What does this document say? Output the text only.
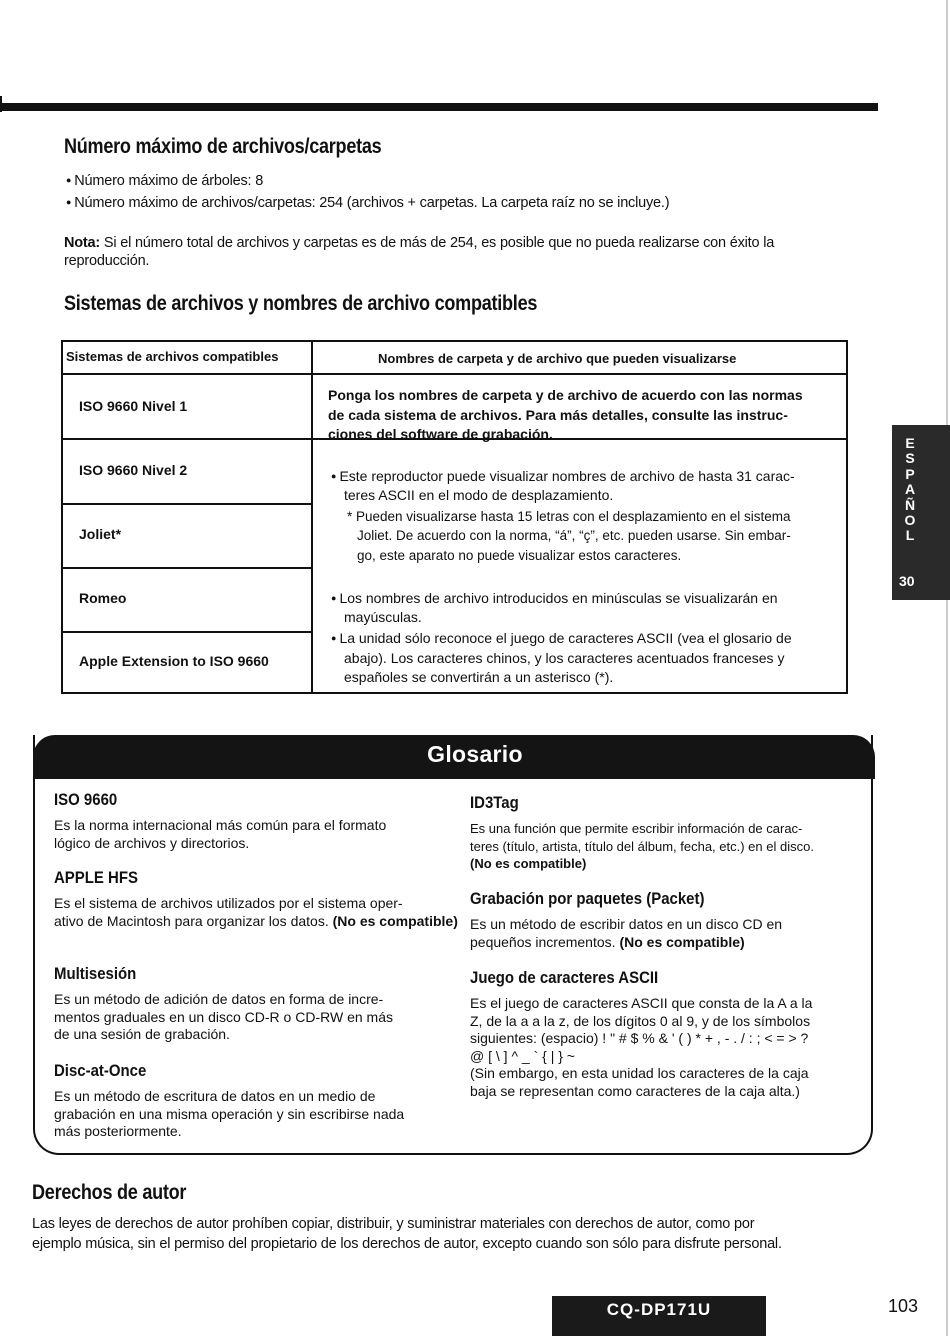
Número máximo de archivos/carpetas
● Número máximo de árboles: 8
● Número máximo de archivos/carpetas: 254 (archivos + carpetas. La carpeta raíz no se incluye.)
Nota: Si el número total de archivos y carpetas es de más de 254, es posible que no pueda realizarse con éxito la
reproducción.
Sistemas de archivos y nombres de archivo compatibles
Sistemas de archivos compatibles	Nombres de carpeta y de archivo que pueden visualizarse
ISO 9660 Nivel 1
ISO 9660 Nivel 2
Joliet*
Romeo
Apple Extension to ISO 9660
Ponga los nombres de carpeta y de archivo de acuerdo con las normas
de cada sistema de archivos. Para más detalles, consulte las instruc-
ciones del software de grabación.
● Este reproductor puede visualizar nombres de archivo de hasta 31 carac-
teres ASCII en el modo de desplazamiento.
* Pueden visualizarse hasta 15 letras con el desplazamiento en el sistema
Joliet. De acuerdo con la norma, “á”, “ç”, etc. pueden usarse. Sin embar-
go, este aparato no puede visualizar estos caracteres.
● Los nombres de archivo introducidos en minúsculas se visualizarán en
mayúsculas.
● La unidad sólo reconoce el juego de caracteres ASCII (vea el glosario de
abajo). Los caracteres chinos, y los caracteres acentuados franceses y
españoles se convertirán a un asterisco (*).
E
S
P
A
Ñ
O
L
30
Glosario
ISO 9660
Es la norma internacional más común para el formato
lógico de archivos y directorios.
APPLE HFS
Es el sistema de archivos utilizados por el sistema oper-
ativo de Macintosh para organizar los datos. (No es compatible)
Multisesión
Es un método de adición de datos en forma de incre-
mentos graduales en un disco CD-R o CD-RW en más
de una sesión de grabación.
Disc-at-Once
Es un método de escritura de datos en un medio de
grabación en una misma operación y sin escribirse nada
más posteriormente.
ID3Tag
Es una función que permite escribir información de carac-
teres (título, artista, título del álbum, fecha, etc.) en el disco.
(No es compatible)
Grabación por paquetes (Packet)
Es un método de escribir datos en un disco CD en
pequeños incrementos. (No es compatible)
Juego de caracteres ASCII
Es el juego de caracteres ASCII que consta de la A a la
Z, de la a a la z, de los dígitos 0 al 9, y de los símbolos
siguientes: (espacio) ! " # $ % & ' ( ) * + , - . / : ; < = > ?
@ [ \ ] ^ _ ` { | } ~
(Sin embargo, en esta unidad los caracteres de la caja
baja se representan como caracteres de la caja alta.)
Derechos de autor
Las leyes de derechos de autor prohíben copiar, distribuir, y suministrar materiales con derechos de autor, como por
ejemplo música, sin el permiso del propietario de los derechos de autor, excepto cuando son sólo para disfrute personal.
CQ-DP171U	103
